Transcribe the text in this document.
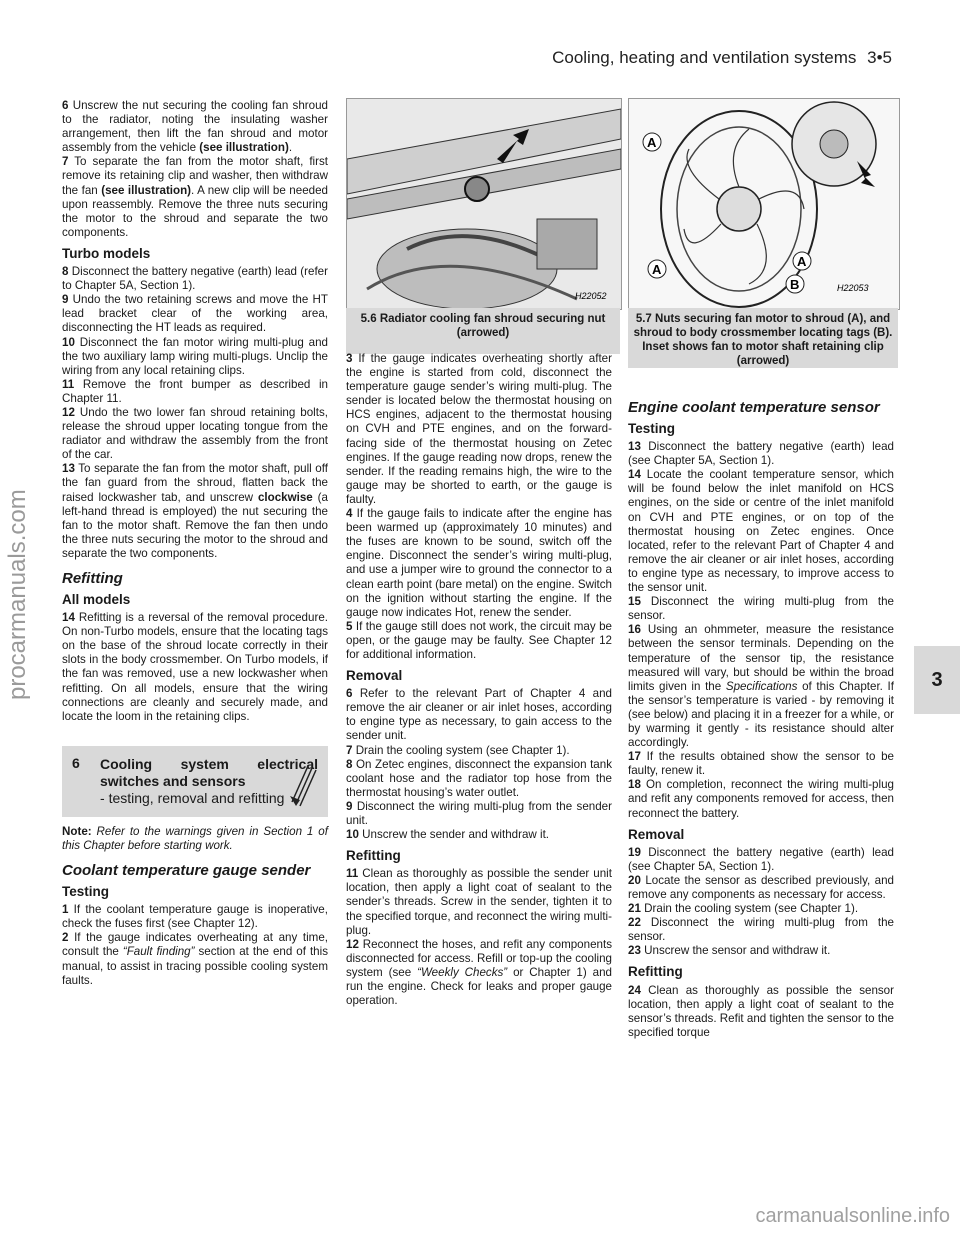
Cooling, heating and ventilation systems 3•5

6 Unscrew the nut securing the cooling fan shroud to the radiator, noting the insulating washer arrangement, then lift the fan shroud and motor assembly from the vehicle (see illustration).

7 To separate the fan from the motor shaft, first remove its retaining clip and washer, then withdraw the fan (see illustration). A new clip will be needed upon reassembly. Remove the three nuts securing the motor to the shroud and separate the two components.

Turbo models

8 Disconnect the battery negative (earth) lead (refer to Chapter 5A, Section 1).

9 Undo the two retaining screws and move the HT lead bracket clear of the working area, disconnecting the HT leads as required.

10 Disconnect the fan motor wiring multi-plug and the two auxiliary lamp wiring multi-plugs. Unclip the wiring from any local retaining clips.

11 Remove the front bumper as described in Chapter 11.

12 Undo the two lower fan shroud retaining bolts, release the shroud upper locating tongue from the radiator and withdraw the assembly from the front of the car.

13 To separate the fan from the motor shaft, pull off the fan guard from the shroud, flatten back the raised lockwasher tab, and unscrew clockwise (a left-hand thread is employed) the nut securing the fan to the motor shaft. Remove the fan then undo the three nuts securing the motor to the shroud and separate the two components.

Refitting
All models

14 Refitting is a reversal of the removal procedure. On non-Turbo models, ensure that the locating tags on the base of the shroud locate correctly in their slots in the body crossmember. On Turbo models, if the fan was removed, use a new lockwasher when refitting. On all models, ensure that the wiring connections are cleanly and securely made, and locate the loom in the retaining clips.

6 Cooling system electrical switches and sensors
- testing, removal and refitting

Note: Refer to the warnings given in Section 1 of this Chapter before starting work.

Coolant temperature gauge sender
Testing

1 If the coolant temperature gauge is inoperative, check the fuses first (see Chapter 12).

2 If the gauge indicates overheating at any time, consult the “Fault finding” section at the end of this manual, to assist in tracing possible cooling system faults.

H22052
5.6 Radiator cooling fan shroud securing nut (arrowed)
A
A
A
B	H22053
5.7 Nuts securing fan motor to shroud (A), and shroud to body crossmember locating tags (B). Inset shows fan to motor shaft retaining clip (arrowed)

3 If the gauge indicates overheating shortly after the engine is started from cold, disconnect the temperature gauge sender’s wiring multi-plug. The sender is located below the thermostat housing on HCS engines, adjacent to the thermostat housing on CVH and PTE engines, and on the forward-facing side of the thermostat housing on Zetec engines. If the gauge reading now drops, renew the sender. If the reading remains high, the wire to the gauge may be shorted to earth, or the gauge is faulty.

4 If the gauge fails to indicate after the engine has been warmed up (approximately 10 minutes) and the fuses are known to be sound, switch off the engine. Disconnect the sender’s wiring multi-plug, and use a jumper wire to ground the connector to a clean earth point (bare metal) on the engine. Switch on the ignition without starting the engine. If the gauge now indicates Hot, renew the sender.

5 If the gauge still does not work, the circuit may be open, or the gauge may be faulty. See Chapter 12 for additional information.

Removal

6 Refer to the relevant Part of Chapter 4 and remove the air cleaner or air inlet hoses, according to engine type as necessary, to gain access to the sender unit.

7 Drain the cooling system (see Chapter 1).

8 On Zetec engines, disconnect the expansion tank coolant hose and the radiator top hose from the thermostat housing’s water outlet.

9 Disconnect the wiring multi-plug from the sender unit.

10 Unscrew the sender and withdraw it.

Refitting

11 Clean as thoroughly as possible the sender unit location, then apply a light coat of sealant to the sender’s threads. Screw in the sender, tighten it to the specified torque, and reconnect the wiring multi-plug.

12 Reconnect the hoses, and refit any components disconnected for access. Refill or top-up the cooling system (see “Weekly Checks” or Chapter 1) and run the engine. Check for leaks and proper gauge operation.

Engine coolant temperature sensor
Testing

13 Disconnect the battery negative (earth) lead (see Chapter 5A, Section 1).

14 Locate the coolant temperature sensor, which will be found below the inlet manifold on HCS engines, on the side or centre of the inlet manifold on CVH and PTE engines, or on top of the thermostat housing on Zetec engines. Once located, refer to the relevant Part of Chapter 4 and remove the air cleaner or air inlet hoses, according to engine type as necessary, to improve access to the sensor unit.

15 Disconnect the wiring multi-plug from the sensor.

16 Using an ohmmeter, measure the resistance between the sensor terminals. Depending on the temperature of the sensor tip, the resistance measured will vary, but should be within the broad limits given in the Specifications of this Chapter. If the sensor’s temperature is varied - by removing it (see below) and placing it in a freezer for a while, or by warming it gently - its resistance should alter accordingly.

17 If the results obtained show the sensor to be faulty, renew it.

18 On completion, reconnect the wiring multi-plug and refit any components removed for access, then reconnect the battery.

Removal

19 Disconnect the battery negative (earth) lead (see Chapter 5A, Section 1).

20 Locate the sensor as described previously, and remove any components as necessary for access.

21 Drain the cooling system (see Chapter 1).

22 Disconnect the wiring multi-plug from the sensor.

23 Unscrew the sensor and withdraw it.

Refitting

24 Clean as thoroughly as possible the sensor location, then apply a light coat of sealant to the sensor’s threads. Refit and tighten the sensor to the specified torque

3
procarmanuals.com
carmanualsonline.info
